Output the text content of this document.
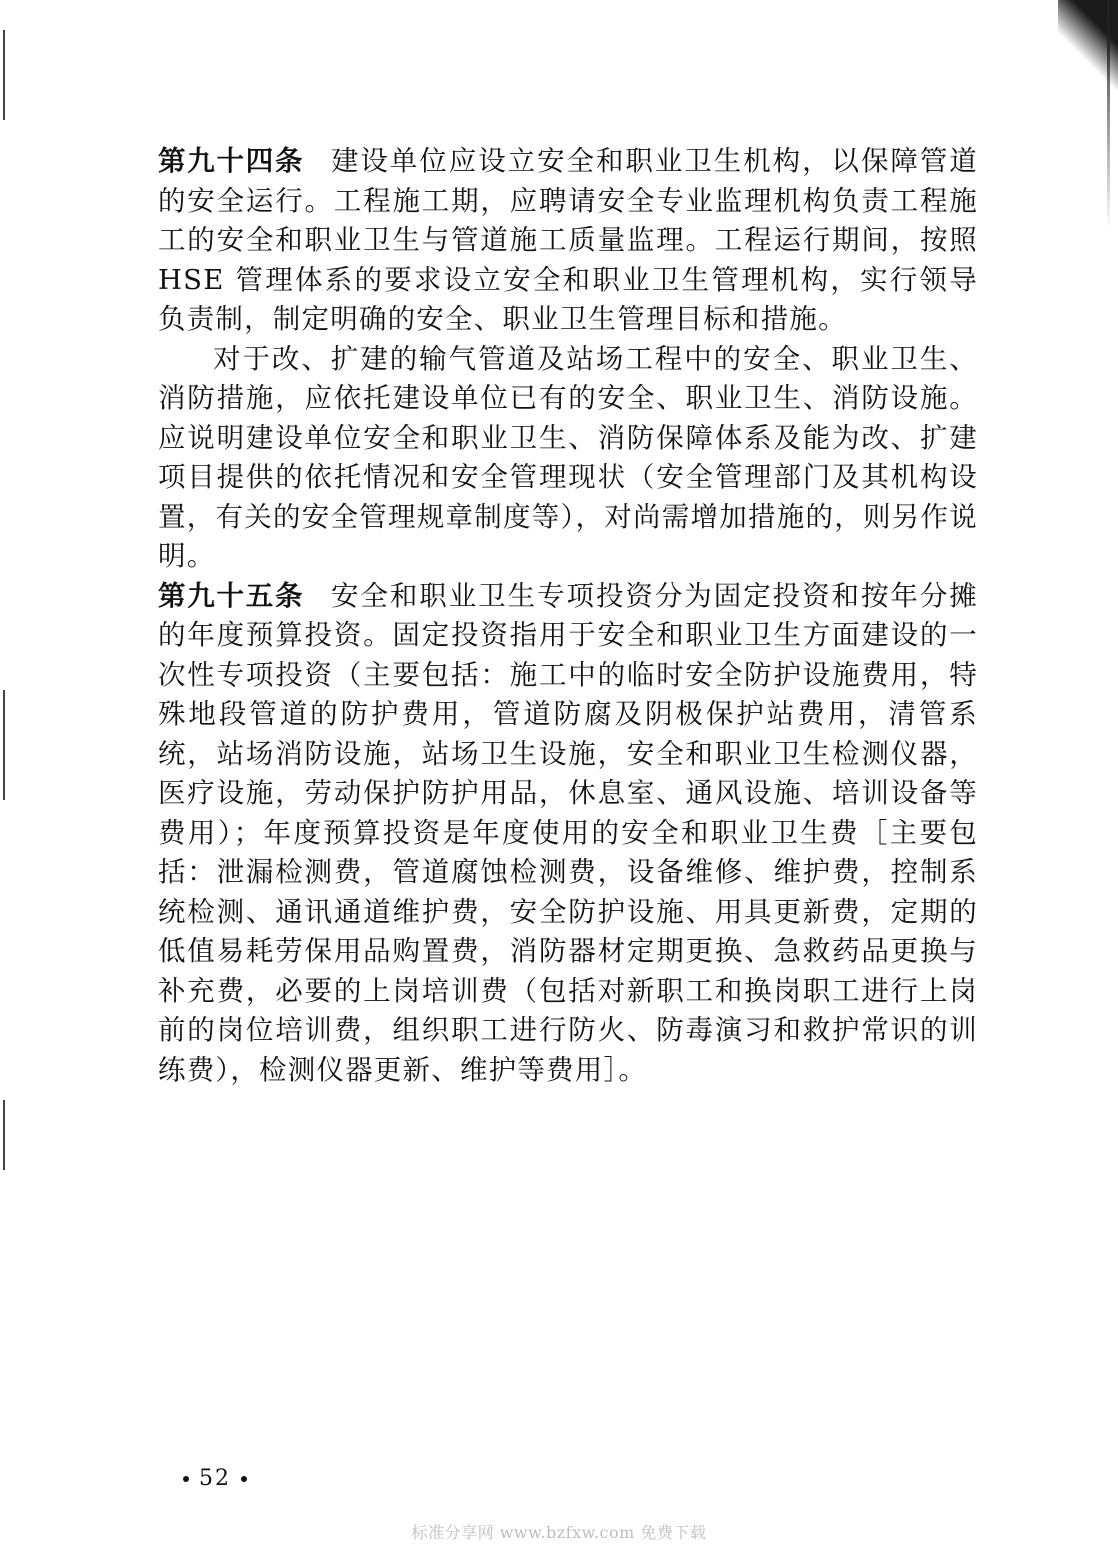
第九十四条 建设单位应设立安全和职业卫生机构，以保障管道的安全运行。工程施工期，应聘请安全专业监理机构负责工程施工的安全和职业卫生与管道施工质量监理。工程运行期间，按照HSE 管理体系的要求设立安全和职业卫生管理机构，实行领导负责制，制定明确的安全、职业卫生管理目标和措施。

对于改、扩建的输气管道及站场工程中的安全、职业卫生、消防措施，应依托建设单位已有的安全、职业卫生、消防设施。应说明建设单位安全和职业卫生、消防保障体系及能为改、扩建项目提供的依托情况和安全管理现状（安全管理部门及其机构设置，有关的安全管理规章制度等），对尚需增加措施的，则另作说明。

第九十五条 安全和职业卫生专项投资分为固定投资和按年分摊的年度预算投资。固定投资指用于安全和职业卫生方面建设的一次性专项投资（主要包括：施工中的临时安全防护设施费用，特殊地段管道的防护费用，管道防腐及阴极保护站费用，清管系统，站场消防设施，站场卫生设施，安全和职业卫生检测仪器，医疗设施，劳动保护防护用品，休息室、通风设施、培训设备等费用）；年度预算投资是年度使用的安全和职业卫生费［主要包括：泄漏检测费，管道腐蚀检测费，设备维修、维护费，控制系统检测、通讯通道维护费，安全防护设施、用具更新费，定期的低值易耗劳保用品购置费，消防器材定期更换、急救药品更换与补充费，必要的上岗培训费（包括对新职工和换岗职工进行上岗前的岗位培训费，组织职工进行防火、防毒演习和救护常识的训练费），检测仪器更新、维护等费用］。

52
标准分享网 www.bzfxw.com 免费下载
